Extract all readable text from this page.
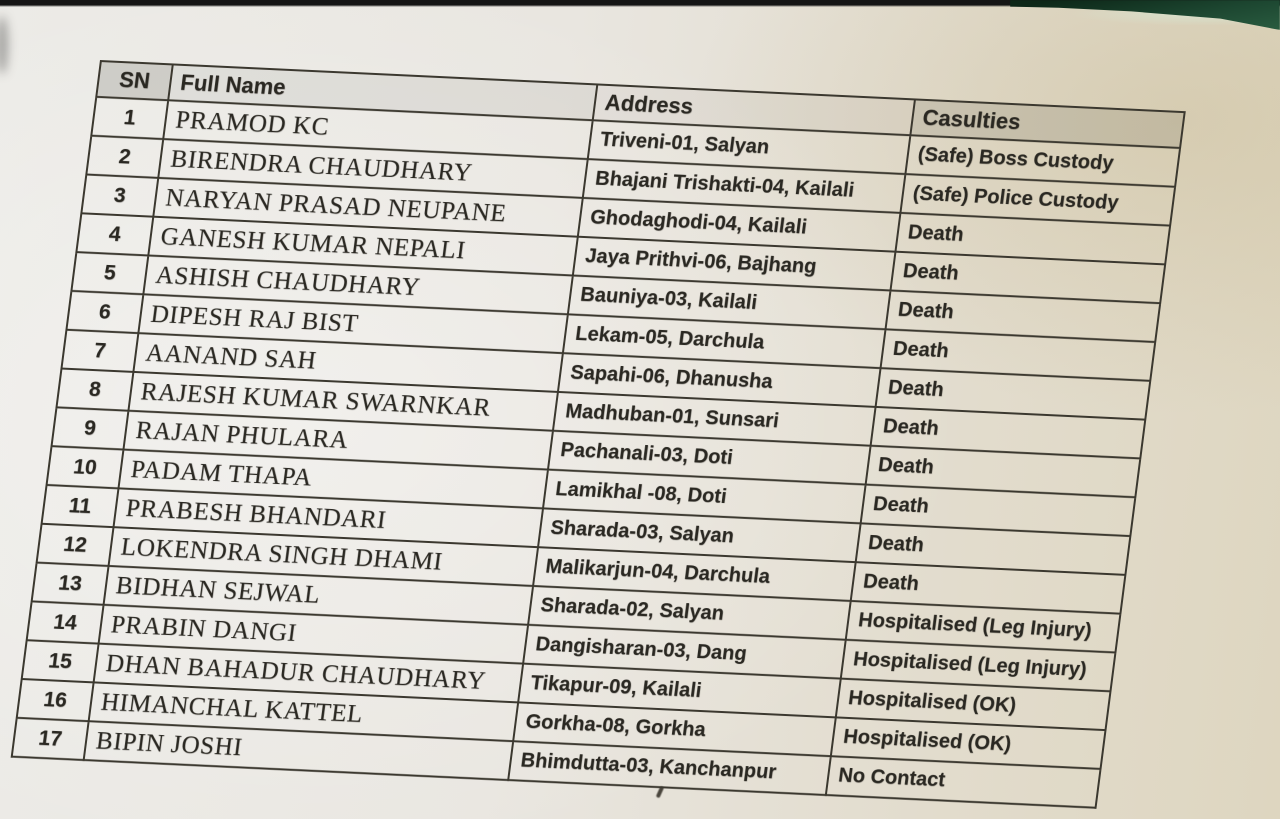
SN	Full Name	Address	Casulties
1	PRAMOD KC	Triveni-01, Salyan	(Safe) Boss Custody
2	BIRENDRA CHAUDHARY	Bhajani Trishakti-04, Kailali	(Safe) Police Custody
3	NARYAN PRASAD NEUPANE	Ghodaghodi-04, Kailali	Death
4	GANESH KUMAR NEPALI	Jaya Prithvi-06, Bajhang	Death
5	ASHISH CHAUDHARY	Bauniya-03, Kailali	Death
6	DIPESH RAJ BIST	Lekam-05, Darchula	Death
7	AANAND SAH	Sapahi-06, Dhanusha	Death
8	RAJESH KUMAR SWARNKAR	Madhuban-01, Sunsari	Death
9	RAJAN PHULARA	Pachanali-03, Doti	Death
10	PADAM THAPA	Lamikhal -08, Doti	Death
11	PRABESH BHANDARI	Sharada-03, Salyan	Death
12	LOKENDRA SINGH DHAMI	Malikarjun-04, Darchula	Death
13	BIDHAN SEJWAL	Sharada-02, Salyan	Hospitalised (Leg Injury)
14	PRABIN DANGI	Dangisharan-03, Dang	Hospitalised (Leg Injury)
15	DHAN BAHADUR CHAUDHARY	Tikapur-09, Kailali	Hospitalised (OK)
16	HIMANCHAL KATTEL	Gorkha-08, Gorkha	Hospitalised (OK)
17	BIPIN JOSHI	Bhimdutta-03, Kanchanpur	No Contact
